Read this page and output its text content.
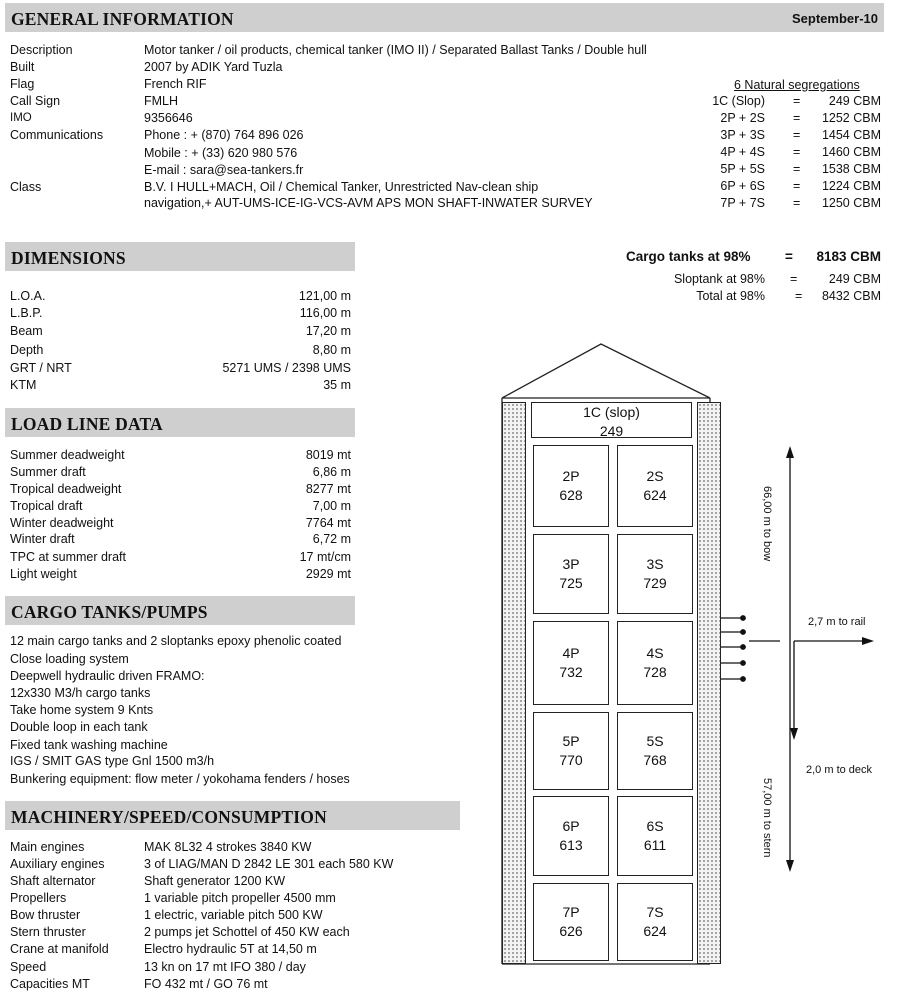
GENERAL INFORMATION	September-10
Description	Motor tanker / oil products, chemical tanker (IMO II) / Separated Ballast Tanks / Double hull
Built	2007 by ADIK Yard Tuzla
Flag	French RIF
Call Sign	FMLH
IMO	9356646
Communications	Phone : + (870) 764 896 026
Mobile : + (33) 620 980 576
E-mail : sara@sea-tankers.fr
Class	B.V. I HULL+MACH, Oil / Chemical Tanker, Unrestricted Nav-clean ship
navigation,+ AUT-UMS-ICE-IG-VCS-AVM APS MON SHAFT-INWATER SURVEY
6 Natural segregations
1C (Slop) = 249 CBM
2P + 2S = 1252 CBM
3P + 3S = 1454 CBM
4P + 4S = 1460 CBM
5P + 5S = 1538 CBM
6P + 6S = 1224 CBM
7P + 7S = 1250 CBM
Cargo tanks at 98%	= 8183 CBM
Sloptank at 98% =	249 CBM
Total at 98% = 8432 CBM
DIMENSIONS
L.O.A.	121,00 m
L.B.P.	116,00 m
Beam	17,20 m
Depth	8,80 m
GRT / NRT	5271 UMS / 2398 UMS
KTM	35 m
LOAD LINE DATA
Summer deadweight	8019 mt
Summer draft	6,86 m
Tropical deadweight	8277 mt
Tropical draft	7,00 m
Winter deadweight	7764 mt
Winter draft	6,72 m
TPC at summer draft	17 mt/cm
Light weight	2929 mt
CARGO TANKS/PUMPS
12 main cargo tanks and 2 sloptanks epoxy phenolic coated
Close loading system
Deepwell hydraulic driven FRAMO:
12x330 M3/h cargo tanks
Take home system 9 Knts
Double loop in each tank
Fixed tank washing machine
IGS / SMIT GAS type Gnl 1500 m3/h
Bunkering equipment: flow meter / yokohama fenders / hoses
MACHINERY/SPEED/CONSUMPTION
Main engines	MAK 8L32 4 strokes 3840 KW
Auxiliary engines	3 of LIAG/MAN D 2842 LE 301 each 580 KW
Shaft alternator	Shaft generator 1200 KW
Propellers	1 variable pitch propeller 4500 mm
Bow thruster	1 electric, variable pitch 500 KW
Stern thruster	2 pumps jet Schottel of 450 KW each
Crane at manifold	Electro hydraulic 5T at 14,50 m
Speed	13 kn on 17 mt IFO 380 / day
Capacities MT	FO 432 mt / GO 76 mt
1C (slop)
249
2P
628
2S
624
3P
725
3S
729
4P
732
4S
728
5P
770
5S
768
6P
613
6S
611
7P
626
7S
624
66,00 m to bow
57,00 m to stern
2,7 m to rail
2,0 m to deck
